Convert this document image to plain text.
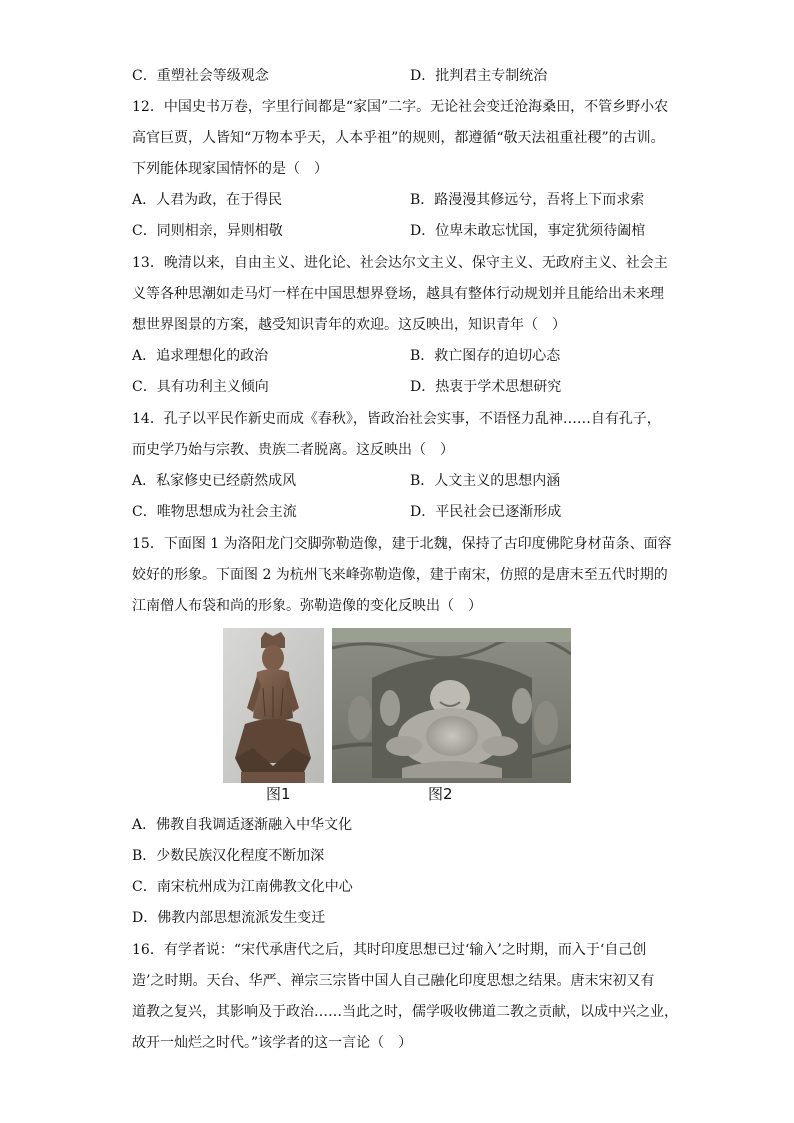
C．重塑社会等级观念	D．批判君主专制统治
12．中国史书万卷，字里行间都是“家国”二字。无论社会变迁沧海桑田，不管乡野小农
高官巨贾，人皆知“万物本乎天，人本乎祖”的规则，都遵循“敬天法祖重社稷”的古训。
下列能体现家国情怀的是（　）
A．人君为政，在于得民	B．路漫漫其修远兮，吾将上下而求索
C．同则相亲，异则相敬	D．位卑未敢忘忧国，事定犹须待阖棺
13．晚清以来，自由主义、进化论、社会达尔文主义、保守主义、无政府主义、社会主
义等各种思潮如走马灯一样在中国思想界登场，越具有整体行动规划并且能给出未来理
想世界图景的方案，越受知识青年的欢迎。这反映出，知识青年（　）
A．追求理想化的政治	B．救亡图存的迫切心态
C．具有功利主义倾向	D．热衷于学术思想研究
14．孔子以平民作新史而成《春秋》，皆政治社会实事，不语怪力乱神……自有孔子，
而史学乃始与宗教、贵族二者脱离。这反映出（　）
A．私家修史已经蔚然成风	B．人文主义的思想内涵
C．唯物思想成为社会主流	D．平民社会已逐渐形成
15．下面图 1 为洛阳龙门交脚弥勒造像，建于北魏，保持了古印度佛陀身材苗条、面容
姣好的形象。下面图 2 为杭州飞来峰弥勒造像，建于南宋，仿照的是唐末至五代时期的
江南僧人布袋和尚的形象。弥勒造像的变化反映出（　）
图1	图2
A．佛教自我调适逐渐融入中华文化
B．少数民族汉化程度不断加深
C．南宋杭州成为江南佛教文化中心
D．佛教内部思想流派发生变迁
16．有学者说：“宋代承唐代之后，其时印度思想已过‘输入’之时期，而入于‘自己创
造’之时期。天台、华严、禅宗三宗皆中国人自己融化印度思想之结果。唐末宋初又有
道教之复兴，其影响及于政治……当此之时，儒学吸收佛道二教之贡献，以成中兴之业，
故开一灿烂之时代。”该学者的这一言论（　）
